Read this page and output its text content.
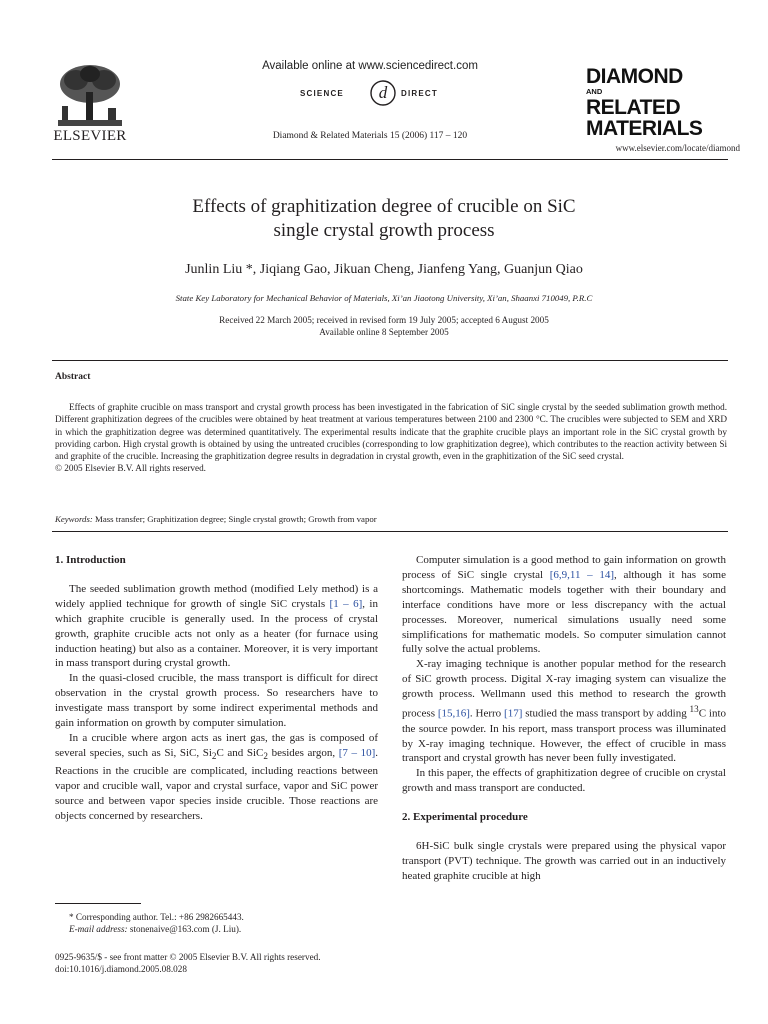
ELSEVIER
Available online at www.sciencedirect.com
SCIENCE d DIRECT
Diamond & Related Materials 15 (2006) 117 – 120
DIAMOND
AND
RELATED
MATERIALS
www.elsevier.com/locate/diamond
Effects of graphitization degree of crucible on SiC
single crystal growth process
Junlin Liu *, Jiqiang Gao, Jikuan Cheng, Jianfeng Yang, Guanjun Qiao
State Key Laboratory for Mechanical Behavior of Materials, Xi’an Jiaotong University, Xi’an, Shaanxi 710049, P.R.C
Received 22 March 2005; received in revised form 19 July 2005; accepted 6 August 2005
Available online 8 September 2005
Abstract

Effects of graphite crucible on mass transport and crystal growth process has been investigated in the fabrication of SiC single crystal by the seeded sublimation growth method. Different graphitization degrees of the crucibles were obtained by heat treatment at various temperatures between 2100 and 2300 °C. The crucibles were subjected to SEM and XRD in which the graphitization degree was determined quantitatively. The experimental results indicate that the graphite crucible plays an important role in the SiC crystal growth by providing carbon. High crystal growth is obtained by using the untreated crucibles (corresponding to low graphitization degree), which contributes to the reaction activity between Si and graphite of the crucible. Increasing the graphitization degree results in degradation in crystal growth, even in the graphitization of the SiC seed crystal.
© 2005 Elsevier B.V. All rights reserved.

Keywords: Mass transfer; Graphitization degree; Single crystal growth; Growth from vapor
1. Introduction

The seeded sublimation growth method (modified Lely method) is a widely applied technique for growth of single SiC crystals [1 – 6], in which graphite crucible is generally used. In the process of crystal growth, graphite crucible acts not only as a heater (for furnace using induction heating) but also as a container. Moreover, it is very important in mass transport during crystal growth.

In the quasi-closed crucible, the mass transport is difficult for direct observation in the crystal growth process. So researchers have to investigate mass transport by some indirect experimental methods and gain information on growth by computer simulation.

In a crucible where argon acts as inert gas, the gas is composed of several species, such as Si, SiC, $Si_2C$ and SiC$_2$ besides argon, [7 – 10]. Reactions in the crucible are complicated, including reactions between vapor and crucible wall, vapor and crystal surface, vapor and SiC power source and between vapor species inside crucible. Those reactions are objects concerned by researchers.

Computer simulation is a good method to gain information on growth process of SiC single crystal [6,9,11 – 14], although it has some shortcomings. Mathematic models together with their boundary and interface conditions have more or less discrepancy with the actual processes. Moreover, numerical simulations usually need some simplifications for mathematic models. So computer simulation cannot fully solve the actual problems.

X-ray imaging technique is another popular method for the research of SiC growth process. Digital X-ray imaging system can visualize the growth process. Wellmann used this method to research the growth process [15,16]. Herro [17] studied the mass transport by adding $^{13}$C into the source powder. In his report, mass transport process was illuminated by X-ray imaging technique. However, the effect of crucible in mass transport and crystal growth has never been fully investigated.

In this paper, the effects of graphitization degree of crucible on crystal growth and mass transport are conducted.

2. Experimental procedure

6H-SiC bulk single crystals were prepared using the physical vapor transport (PVT) technique. The growth was carried out in an inductively heated graphite crucible at high

* Corresponding author. Tel.: +86 2982665443.
E-mail address: stonenaive@163.com (J. Liu).
0925-9635/$ - see front matter © 2005 Elsevier B.V. All rights reserved.
doi:10.1016/j.diamond.2005.08.028
